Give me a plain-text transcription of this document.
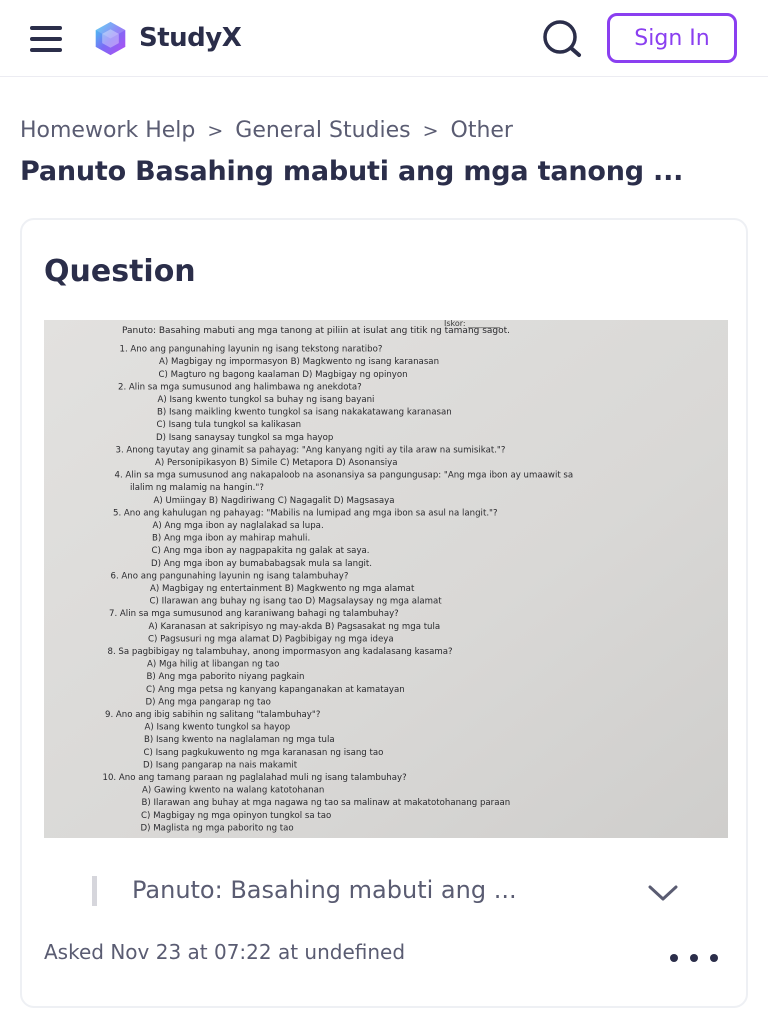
StudyX	Sign In
Homework Help > General Studies > Other
Panuto Basahing mabuti ang mga tanong ...
Question
Iskor: ________
Panuto: Basahing mabuti ang mga tanong at piliin at isulat ang titik ng tamang sagot.
1. Ano ang pangunahing layunin ng isang tekstong naratibo?
A) Magbigay ng impormasyon B) Magkwento ng isang karanasan
C) Magturo ng bagong kaalaman D) Magbigay ng opinyon
2. Alin sa mga sumusunod ang halimbawa ng anekdota?
A) Isang kwento tungkol sa buhay ng isang bayani
B) Isang maikling kwento tungkol sa isang nakakatawang karanasan
C) Isang tula tungkol sa kalikasan
D) Isang sanaysay tungkol sa mga hayop
3. Anong tayutay ang ginamit sa pahayag: "Ang kanyang ngiti ay tila araw na sumisikat."?
A) Personipikasyon B) Simile C) Metapora D) Asonansiya
4. Alin sa mga sumusunod ang nakapaloob na asonansiya sa pangungusap: "Ang mga ibon ay umaawit sa
ilalim ng malamig na hangin."?
A) Umiingay B) Nagdiriwang C) Nagagalit D) Magsasaya
5. Ano ang kahulugan ng pahayag: "Mabilis na lumipad ang mga ibon sa asul na langit."?
A) Ang mga ibon ay naglalakad sa lupa.
B) Ang mga ibon ay mahirap mahuli.
C) Ang mga ibon ay nagpapakita ng galak at saya.
D) Ang mga ibon ay bumababagsak mula sa langit.
6. Ano ang pangunahing layunin ng isang talambuhay?
A) Magbigay ng entertainment B) Magkwento ng mga alamat
C) Ilarawan ang buhay ng isang tao D) Magsalaysay ng mga alamat
7. Alin sa mga sumusunod ang karaniwang bahagi ng talambuhay?
A) Karanasan at sakripisyo ng may-akda B) Pagsasakat ng mga tula
C) Pagsusuri ng mga alamat D) Pagbibigay ng mga ideya
8. Sa pagbibigay ng talambuhay, anong impormasyon ang kadalasang kasama?
A) Mga hilig at libangan ng tao
B) Ang mga paborito niyang pagkain
C) Ang mga petsa ng kanyang kapanganakan at kamatayan
D) Ang mga pangarap ng tao
9. Ano ang ibig sabihin ng salitang "talambuhay"?
A) Isang kwento tungkol sa hayop
B) Isang kwento na naglalaman ng mga tula
C) Isang pagkukuwento ng mga karanasan ng isang tao
D) Isang pangarap na nais makamit
10. Ano ang tamang paraan ng paglalahad muli ng isang talambuhay?
A) Gawing kwento na walang katotohanan
B) Ilarawan ang buhay at mga nagawa ng tao sa malinaw at makatotohanang paraan
C) Magbigay ng mga opinyon tungkol sa tao
D) Maglista ng mga paborito ng tao
Panuto: Basahing mabuti ang ...
Asked Nov 23 at 07:22 at undefined
